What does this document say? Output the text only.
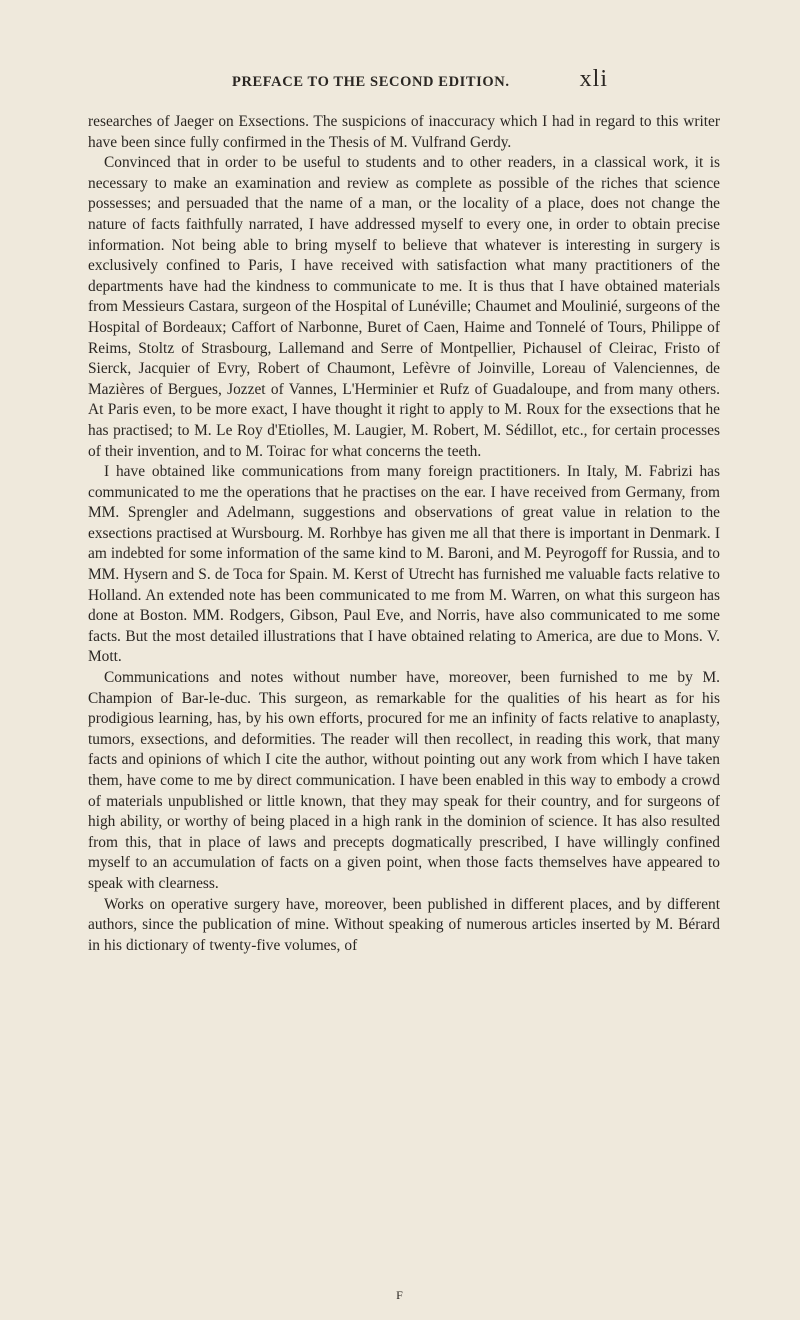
PREFACE TO THE SECOND EDITION.	xli

researches of Jaeger on Exsections. The suspicions of inaccuracy which I had in regard to this writer have been since fully confirmed in the Thesis of M. Vulfrand Gerdy.

Convinced that in order to be useful to students and to other readers, in a classical work, it is necessary to make an examination and review as complete as possible of the riches that science possesses; and persuaded that the name of a man, or the locality of a place, does not change the nature of facts faithfully narrated, I have addressed myself to every one, in order to obtain precise information. Not being able to bring myself to believe that whatever is interesting in surgery is exclusively confined to Paris, I have received with satisfaction what many practitioners of the departments have had the kindness to communicate to me. It is thus that I have obtained materials from Messieurs Castara, surgeon of the Hospital of Lunéville; Chaumet and Moulinié, surgeons of the Hospital of Bordeaux; Caffort of Narbonne, Buret of Caen, Haime and Tonnelé of Tours, Philippe of Reims, Stoltz of Strasbourg, Lallemand and Serre of Montpellier, Pichausel of Cleirac, Fristo of Sierck, Jacquier of Evry, Robert of Chaumont, Lefèvre of Joinville, Loreau of Valenciennes, de Mazières of Bergues, Jozzet of Vannes, L'Herminier et Rufz of Guadaloupe, and from many others. At Paris even, to be more exact, I have thought it right to apply to M. Roux for the exsections that he has practised; to M. Le Roy d'Etiolles, M. Laugier, M. Robert, M. Sédillot, etc., for certain processes of their invention, and to M. Toirac for what concerns the teeth.

I have obtained like communications from many foreign practitioners. In Italy, M. Fabrizi has communicated to me the operations that he practises on the ear. I have received from Germany, from MM. Sprengler and Adelmann, suggestions and observations of great value in relation to the exsections practised at Wursbourg. M. Rorhbye has given me all that there is important in Denmark. I am indebted for some information of the same kind to M. Baroni, and M. Peyrogoff for Russia, and to MM. Hysern and S. de Toca for Spain. M. Kerst of Utrecht has furnished me valuable facts relative to Holland. An extended note has been communicated to me from M. Warren, on what this surgeon has done at Boston. MM. Rodgers, Gibson, Paul Eve, and Norris, have also communicated to me some facts. But the most detailed illustrations that I have obtained relating to America, are due to Mons. V. Mott.

Communications and notes without number have, moreover, been furnished to me by M. Champion of Bar-le-duc. This surgeon, as remarkable for the qualities of his heart as for his prodigious learning, has, by his own efforts, procured for me an infinity of facts relative to anaplasty, tumors, exsections, and deformities. The reader will then recollect, in reading this work, that many facts and opinions of which I cite the author, without pointing out any work from which I have taken them, have come to me by direct communication. I have been enabled in this way to embody a crowd of materials unpublished or little known, that they may speak for their country, and for surgeons of high ability, or worthy of being placed in a high rank in the dominion of science. It has also resulted from this, that in place of laws and precepts dogmatically prescribed, I have willingly confined myself to an accumulation of facts on a given point, when those facts themselves have appeared to speak with clearness.

Works on operative surgery have, moreover, been published in different places, and by different authors, since the publication of mine. Without speaking of numerous articles inserted by M. Bérard in his dictionary of twenty-five volumes, of

F
